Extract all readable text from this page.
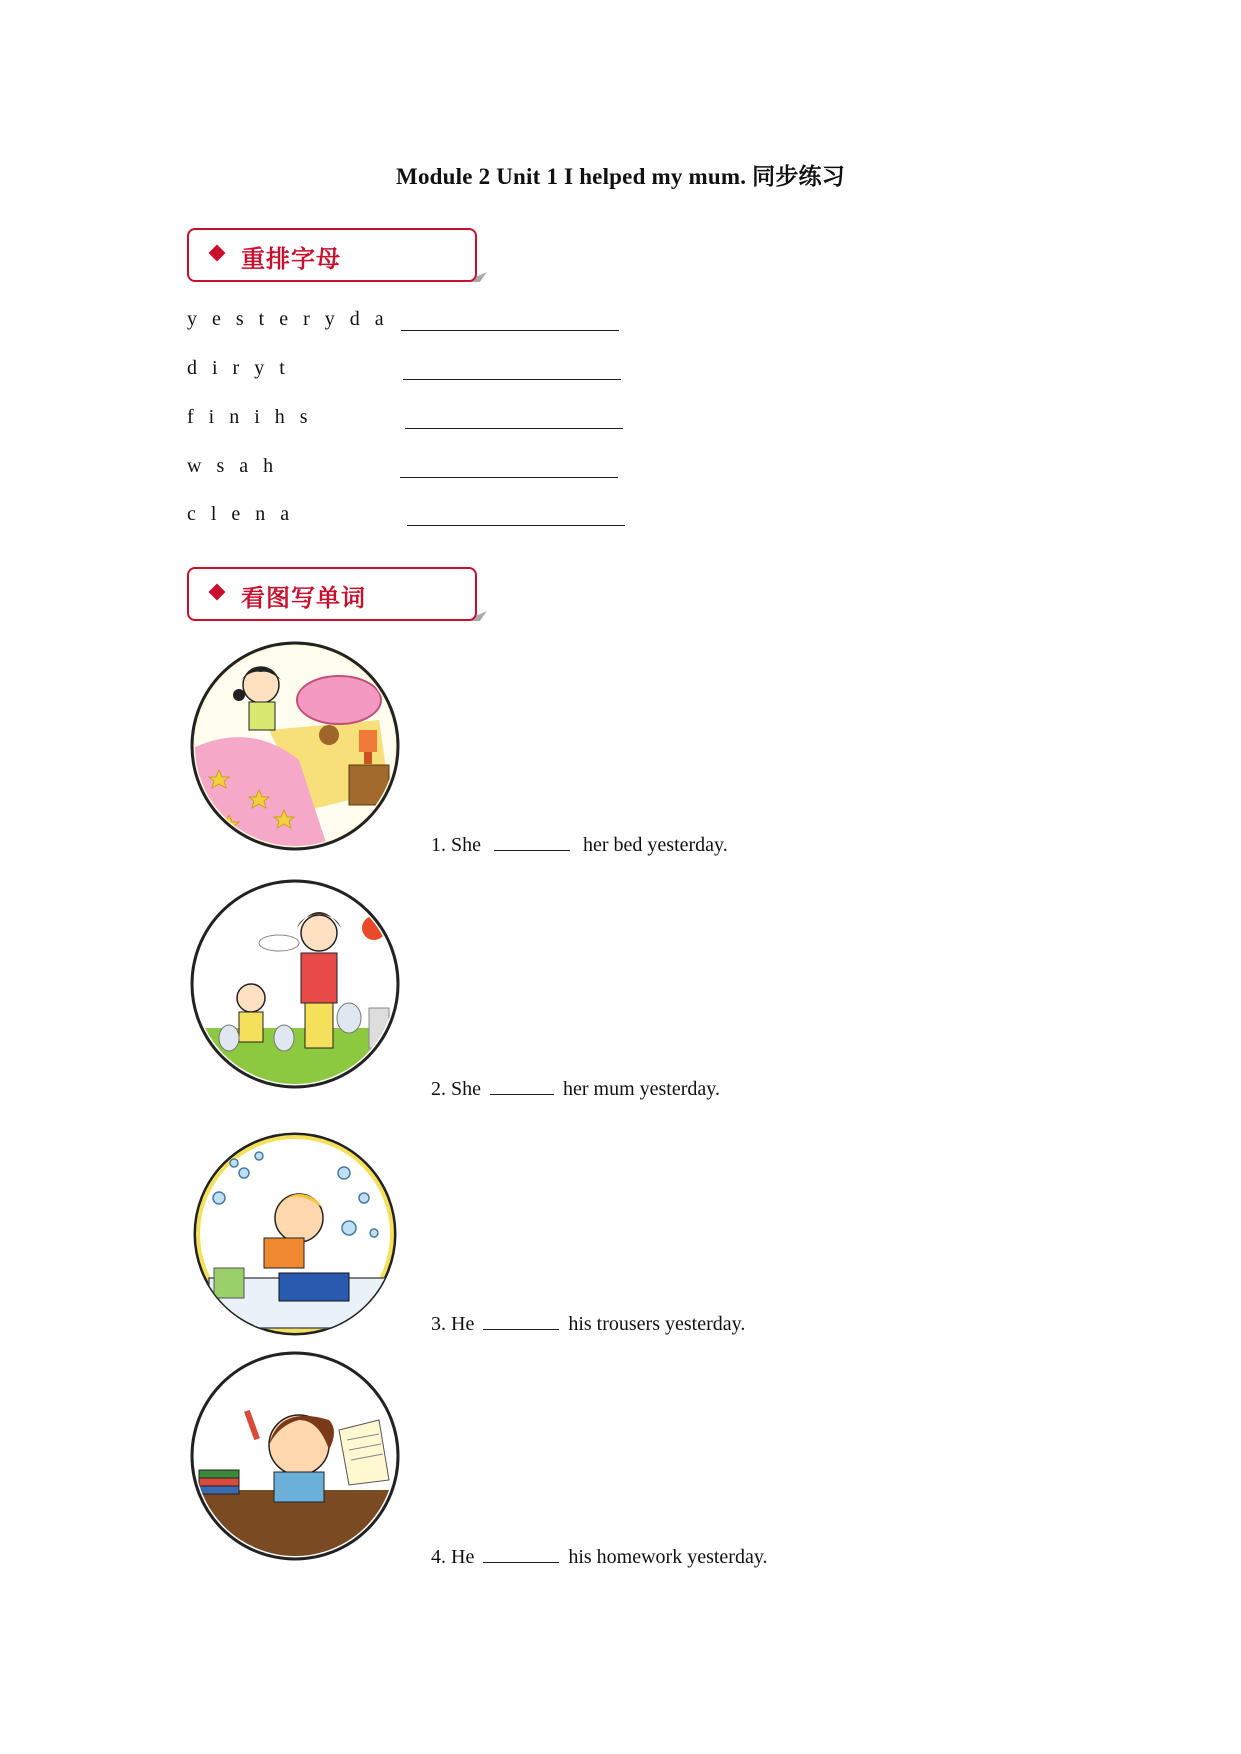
Module 2 Unit 1 I helped my mum. 同步练习
重排字母
y e s t e r y d a
d i r y t
f i n i h s
w s a h
c l e n a
看图写单词
1. She	her bed yesterday.
2. She	her mum yesterday.
3. He	his trousers yesterday.
4. He	his homework yesterday.
